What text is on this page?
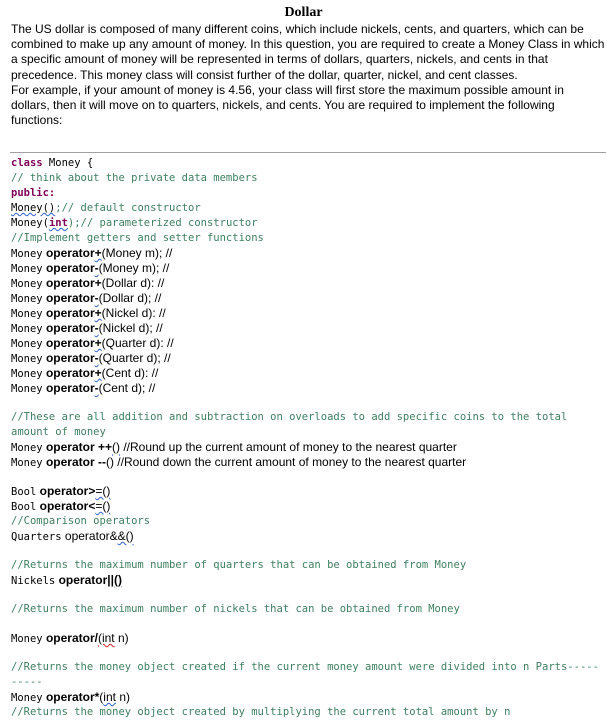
Dollar

The US dollar is composed of many different coins, which include nickels, cents, and quarters, which can be combined to make up any amount of money. In this question, you are required to create a Money Class in which a specific amount of money will be represented in terms of dollars, quarters, nickels, and cents in that precedence. This money class will consist further of the dollar, quarter, nickel, and cent classes.

For example, if your amount of money is 4.56, your class will first store the maximum possible amount in dollars, then it will move on to quarters, nickels, and cents. You are required to implement the following functions:

class Money {
// think about the private data members
public:
Money();// default constructor
Money(int);// parameterized constructor
//Implement getters and setter functions
Money operator+(Money m); //
Money operator-(Money m); //
Money operator+(Dollar d): //
Money operator-(Dollar d); //
Money operator+(Nickel d): //
Money operator-(Nickel d); //
Money operator+(Quarter d): //
Money operator-(Quarter d); //
Money operator+(Cent d): //
Money operator-(Cent d); //
//These are all addition and subtraction on overloads to add specific coins to the total amount of money
Money operator ++() //Round up the current amount of money to the nearest quarter
Money operator --() //Round down the current amount of money to the nearest quarter
Bool operator>=()
Bool operator<=()
//Comparison operators
Quarters operator&&()
//Returns the maximum number of quarters that can be obtained from Money
Nickels operator||()
//Returns the maximum number of nickels that can be obtained from Money
Money operator/(int n)
//Returns the money object created if the current money amount were divided into n Parts----------
Money operator*(int n)
//Returns the money object created by multiplying the current total amount by n
